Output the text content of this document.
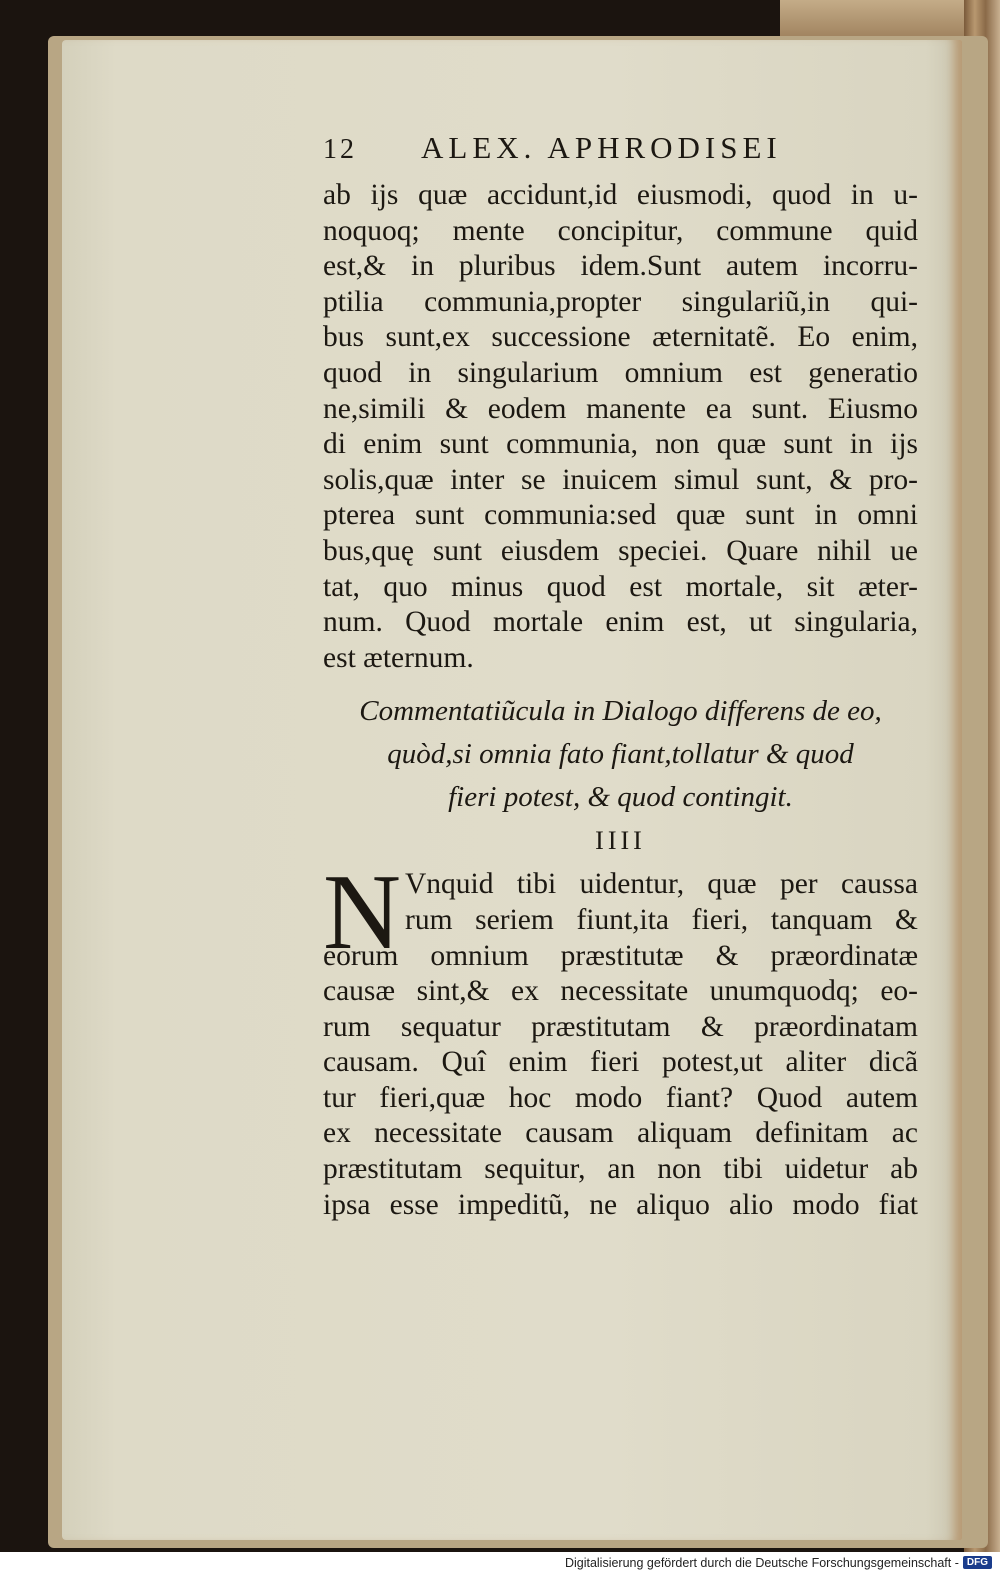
12	ALEX. APHRODISEI
ab ijs quæ accidunt,id eiusmodi, quod in u-
noquoq; mente concipitur, commune quid
est,& in pluribus idem.Sunt autem incorru-
ptilia communia,propter singulariũ,in qui-
bus sunt,ex successione æternitatẽ. Eo enim,
quod in singularium omnium est generatio
ne,simili & eodem manente ea sunt. Eiusmo
di enim sunt communia, non quæ sunt in ijs
solis,quæ inter se inuicem simul sunt, & pro-
pterea sunt communia:sed quæ sunt in omni
bus,quę sunt eiusdem speciei. Quare nihil ue
tat, quo minus quod est mortale, sit æter-
num. Quod mortale enim est, ut singularia,
est æternum.
Commentatiũcula in Dialogo differens de eo,
quòd,si omnia fato fiant,tollatur & quod
fieri potest, & quod contingit.
IIII
N Vnquid tibi uidentur, quæ per caussa
rum seriem fiunt,ita fieri, tanquam &
eorum omnium præstitutæ & præordinatæ
causæ sint,& ex necessitate unumquodq; eo-
rum sequatur præstitutam & præordinatam
causam. Quî enim fieri potest,ut aliter dicã
tur fieri,quæ hoc modo fiant? Quod autem
ex necessitate causam aliquam definitam ac
præstitutam sequitur, an non tibi uidetur ab
ipsa esse impeditũ, ne aliquo alio modo fiat
Digitalisierung gefördert durch die Deutsche Forschungsgemeinschaft - DFG
